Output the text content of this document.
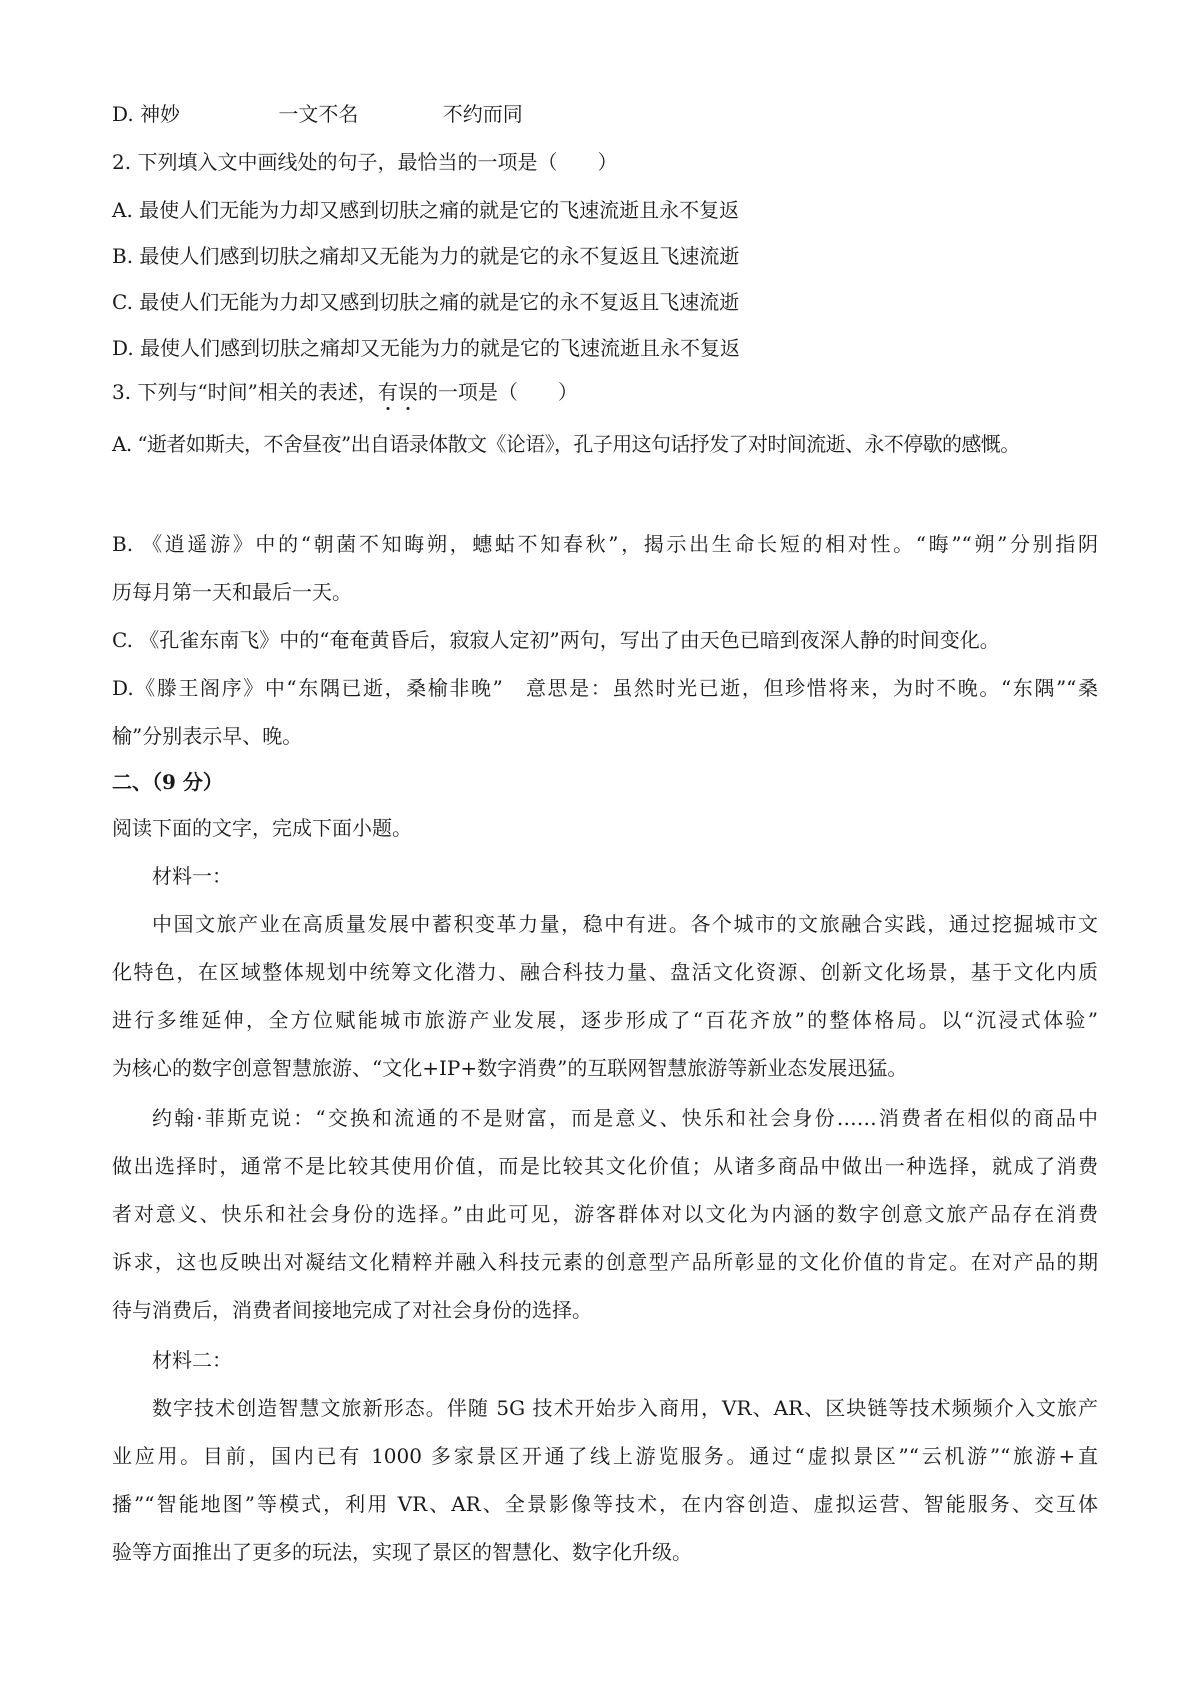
D. 神妙	一文不名	不约而同
2. 下列填入文中画线处的句子，最恰当的一项是（　　）
A. 最使人们无能为力却又感到切肤之痛的就是它的飞速流逝且永不复返
B. 最使人们感到切肤之痛却又无能为力的就是它的永不复返且飞速流逝
C. 最使人们无能为力却又感到切肤之痛的就是它的永不复返且飞速流逝
D. 最使人们感到切肤之痛却又无能为力的就是它的飞速流逝且永不复返
3. 下列与“时间”相关的表述，有误的一项是（　　）
A. “逝者如斯夫，不舍昼夜”出自语录体散文《论语》，孔子用这句话抒发了对时间流逝、永不停歇的感慨。
B. 《逍遥游》中的“朝菌不知晦朔，蟪蛄不知春秋”，揭示出生命长短的相对性。“晦”“朔”分别指阴
历每月第一天和最后一天。
C. 《孔雀东南飞》中的“奄奄黄昏后，寂寂人定初”两句，写出了由天色已暗到夜深人静的时间变化。
D.《滕王阁序》中“东隅已逝，桑榆非晚”　意思是：虽然时光已逝，但珍惜将来，为时不晚。“东隅”“桑
榆”分别表示早、晚。
二、（9 分）
阅读下面的文字，完成下面小题。
材料一：
中国文旅产业在高质量发展中蓄积变革力量，稳中有进。各个城市的文旅融合实践，通过挖掘城市文
化特色，在区域整体规划中统筹文化潜力、融合科技力量、盘活文化资源、创新文化场景，基于文化内质
进行多维延伸，全方位赋能城市旅游产业发展，逐步形成了“百花齐放”的整体格局。以“沉浸式体验”
为核心的数字创意智慧旅游、“文化+IP+数字消费”的互联网智慧旅游等新业态发展迅猛。
约翰·菲斯克说：“交换和流通的不是财富，而是意义、快乐和社会身份……消费者在相似的商品中
做出选择时，通常不是比较其使用价值，而是比较其文化价值；从诸多商品中做出一种选择，就成了消费
者对意义、快乐和社会身份的选择。”由此可见，游客群体对以文化为内涵的数字创意文旅产品存在消费
诉求，这也反映出对凝结文化精粹并融入科技元素的创意型产品所彰显的文化价值的肯定。在对产品的期
待与消费后，消费者间接地完成了对社会身份的选择。
材料二：
数字技术创造智慧文旅新形态。伴随 5G 技术开始步入商用，VR、AR、区块链等技术频频介入文旅产
业应用。目前，国内已有 1000 多家景区开通了线上游览服务。通过“虚拟景区”“云机游”“旅游+直
播”“智能地图”等模式，利用 VR、AR、全景影像等技术，在内容创造、虚拟运营、智能服务、交互体
验等方面推出了更多的玩法，实现了景区的智慧化、数字化升级。
